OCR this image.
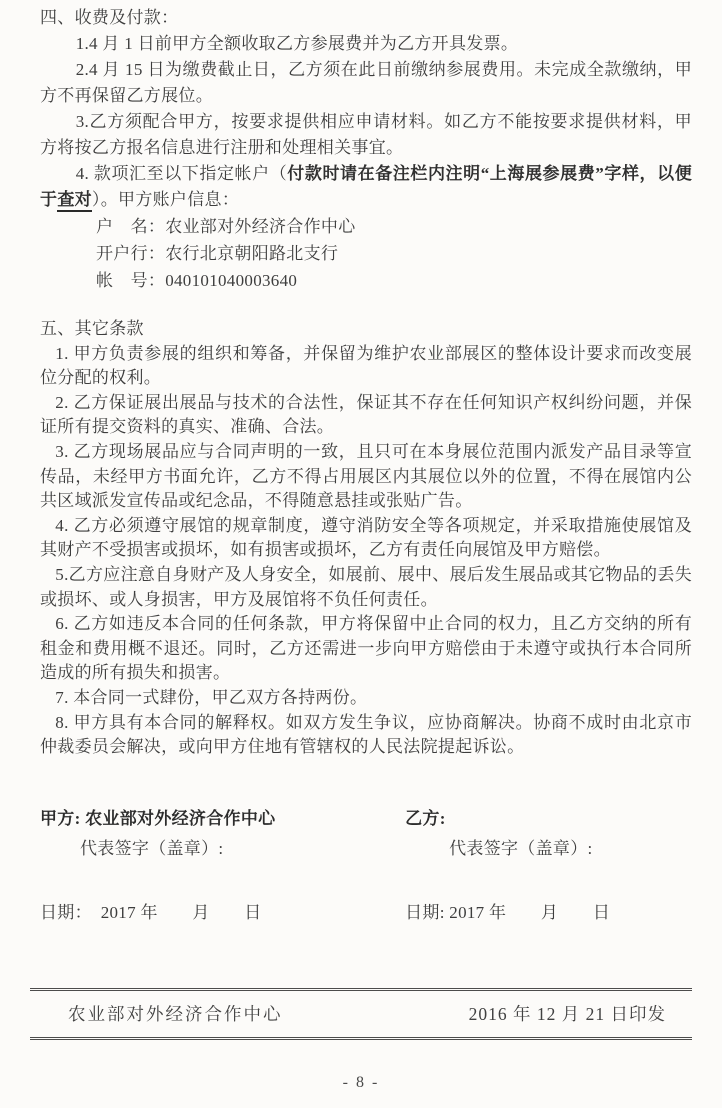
四、收费及付款：

1.4 月 1 日前甲方全额收取乙方参展费并为乙方开具发票。

2.4 月 15 日为缴费截止日，乙方须在此日前缴纳参展费用。未完成全款缴纳，甲方不再保留乙方展位。

3.乙方须配合甲方，按要求提供相应申请材料。如乙方不能按要求提供材料，甲方将按乙方报名信息进行注册和处理相关事宜。

4. 款项汇至以下指定帐户（付款时请在备注栏内注明“上海展参展费”字样，以便于查对）。甲方账户信息：

户　名：农业部对外经济合作中心

开户行：农行北京朝阳路北支行

帐　号：040101040003640

五、其它条款

1. 甲方负责参展的组织和筹备，并保留为维护农业部展区的整体设计要求而改变展位分配的权利。

2. 乙方保证展出展品与技术的合法性，保证其不存在任何知识产权纠纷问题，并保证所有提交资料的真实、准确、合法。

3. 乙方现场展品应与合同声明的一致，且只可在本身展位范围内派发产品目录等宣传品，未经甲方书面允许，乙方不得占用展区内其展位以外的位置，不得在展馆内公共区域派发宣传品或纪念品，不得随意悬挂或张贴广告。

4. 乙方必须遵守展馆的规章制度，遵守消防安全等各项规定，并采取措施使展馆及其财产不受损害或损坏，如有损害或损坏，乙方有责任向展馆及甲方赔偿。

5.乙方应注意自身财产及人身安全，如展前、展中、展后发生展品或其它物品的丢失或损坏、或人身损害，甲方及展馆将不负任何责任。

6. 乙方如违反本合同的任何条款，甲方将保留中止合同的权力，且乙方交纳的所有租金和费用概不退还。同时，乙方还需进一步向甲方赔偿由于未遵守或执行本合同所造成的所有损失和损害。

7. 本合同一式肆份，甲乙双方各持两份。

8. 甲方具有本合同的解释权。如双方发生争议，应协商解决。协商不成时由北京市仲裁委员会解决，或向甲方住地有管辖权的人民法院提起诉讼。

甲方: 农业部对外经济合作中心

代表签字（盖章）:

日期：　2017 年　　月　　日

乙方:

代表签字（盖章）:

日期: 2017 年　　月　　日

农业部对外经济合作中心	2016 年 12 月 21 日印发
- 8 -
